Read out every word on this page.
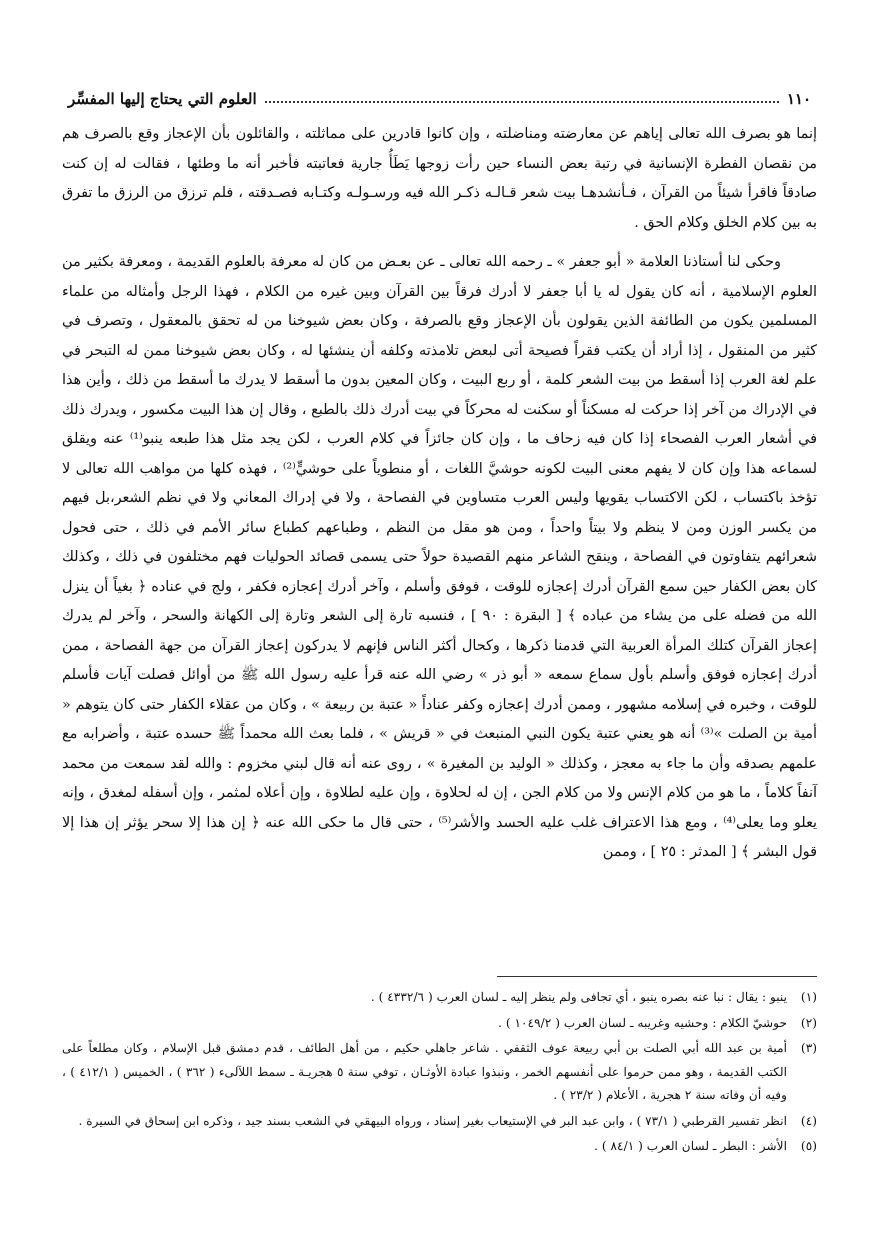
١١٠
العلوم التي يحتاج إليها المفسِّر

إنما هو بصرف الله تعالى إياهم عن معارضته ومناضلته ، وإن كانوا قادرين على مماثلته ، والقائلون بأن الإعجاز وقع بالصرف هم من نقصان الفطرة الإنسانية في رتبة بعض النساء حين رأت زوجها يَطَأُ جارية فعاتبته فأخبر أنه ما وطئها ، فقالت له إن كنت صادقاً فاقرأ شيئاً من القرآن ، فـأنشدهـا بيت شعر قـالـه ذكـر الله فيه ورسـولـه وكتـابه فصـدقته ، فلم ترزق من الرزق ما تفرق به بين كلام الخلق وكلام الحق .

وحكى لنا أستاذنا العلامة « أبو جعفر » ـ رحمه الله تعالى ـ عن بعـض من كان له معرفة بالعلوم القديمة ، ومعرفة بكثير من العلوم الإسلامية ، أنه كان يقول له يا أبا جعفر لا أدرك فرقاً بين القرآن وبين غيره من الكلام ، فهذا الرجل وأمثاله من علماء المسلمين يكون من الطائفة الذين يقولون بأن الإعجاز وقع بالصرفة ، وكان بعض شيوخنا من له تحقق بالمعقول ، وتصرف في كثير من المنقول ، إذا أراد أن يكتب فقراً فصيحة أتى لبعض تلامذته وكلفه أن ينشئها له ، وكان بعض شيوخنا ممن له التبحر في علم لغة العرب إذا أسقط من بيت الشعر كلمة ، أو ربع البيت ، وكان المعين بدون ما أسقط لا يدرك ما أسقط من ذلك ، وأين هذا في الإدراك من آخر إذا حركت له مسكناً أو سكنت له محركاً في بيت أدرك ذلك بالطبع ، وقال إن هذا البيت مكسور ، ويدرك ذلك في أشعار العرب الفصحاء إذا كان فيه زحاف ما ، وإن كان جائزاً في كلام العرب ، لكن يجد مثل هذا طبعه ينبو⁽¹⁾ عنه ويقلق لسماعه هذا وإن كان لا يفهم معنى البيت لكونه حوشيَّ اللغات ، أو منطوياً على حوشيٍّ⁽²⁾ ، فهذه كلها من مواهب الله تعالى لا تؤخذ باكتساب ، لكن الاكتساب يقويها وليس العرب متساوين في الفصاحة ، ولا في إدراك المعاني ولا في نظم الشعر،بل فيهم من يكسر الوزن ومن لا ينظم ولا بيتاً واحداً ، ومن هو مقل من النظم ، وطباعهم كطباع سائر الأمم في ذلك ، حتى فحول شعرائهم يتفاوتون في الفصاحة ، وينقح الشاعر منهم القصيدة حولاً حتى يسمى قصائد الحوليات فهم مختلفون في ذلك ، وكذلك كان بعض الكفار حين سمع القرآن أدرك إعجازه للوقت ، فوفق وأسلم ، وآخر أدرك إعجازه فكفر ، ولج في عناده ﴿ بغياً أن ينزل الله من فضله على من يشاء من عباده ﴾ [ البقرة : ٩٠ ] ، فنسبه تارة إلى الشعر وتارة إلى الكهانة والسحر ، وآخر لم يدرك إعجاز القرآن كتلك المرأة العربية التي قدمنا ذكرها ، وكحال أكثر الناس فإنهم لا يدركون إعجاز القرآن من جهة الفصاحة ، ممن أدرك إعجازه فوفق وأسلم بأول سماع سمعه « أبو ذر » رضي الله عنه قرأ عليه رسول الله ﷺ من أوائل فصلت آيات فأسلم للوقت ، وخبره في إسلامه مشهور ، وممن أدرك إعجازه وكفر عناداً « عتبة بن ربيعة » ، وكان من عقلاء الكفار حتى كان يتوهم « أمية بن الصلت »⁽³⁾ أنه هو يعني عتبة يكون النبي المنبعث في « قريش » ، فلما بعث الله محمداً ﷺ حسده عتبة ، وأضرابه مع علمهم بصدقه وأن ما جاء به معجز ، وكذلك « الوليد بن المغيرة » ، روى عنه أنه قال لبني مخزوم : والله لقد سمعت من محمد آنفاً كلاماً ، ما هو من كلام الإنس ولا من كلام الجن ، إن له لحلاوة ، وإن عليه لطلاوة ، وإن أعلاه لمثمر ، وإن أسفله لمغدق ، وإنه يعلو وما يعلى⁽⁴⁾ ، ومع هذا الاعتراف غلب عليه الحسد والأشر⁽⁵⁾ ، حتى قال ما حكى الله عنه ﴿ إن هذا إلا سحر يؤثر إن هذا إلا قول البشر ﴾ [ المدثر : ٢٥ ] ، وممن

(١)
ينبو : يقال : نبا عنه بصره ينبو ، أي تجافى ولم ينظر إليه ـ لسان العرب ( ٤٣٣٢/٦ ) .
(٢)
حوشيّ الكلام : وحشيه وغريبه ـ لسان العرب ( ١٠٤٩/٢ ) .
(٣)
أمية بن عبد الله أبي الصلت بن أبي ربيعة عوف الثقفي . شاعر جاهلي حكيم ، من أهل الطائف ، قدم دمشق قبل الإسلام ، وكان مطلعاً على الكتب القديمة ، وهو ممن حرموا على أنفسهم الخمر ، ونبذوا عبادة الأوثـان ، توفي سنة ٥ هجريـة ـ سمط اللآلىء ( ٣٦٢ ) ، الخميس ( ٤١٢/١ ) ، وفيه أن وفاته سنة ٢ هجرية ، الأعلام ( ٢٣/٢ ) .
(٤)
انظر تفسير القرطبي ( ٧٣/١ ) ، وابن عبد البر في الإستيعاب بغير إسناد ، ورواه البيهقي في الشعب بسند جيد ، وذكره ابن إسحاق في السيرة .
(٥)
الأشر : البطر ـ لسان العرب ( ٨٤/١ ) .
